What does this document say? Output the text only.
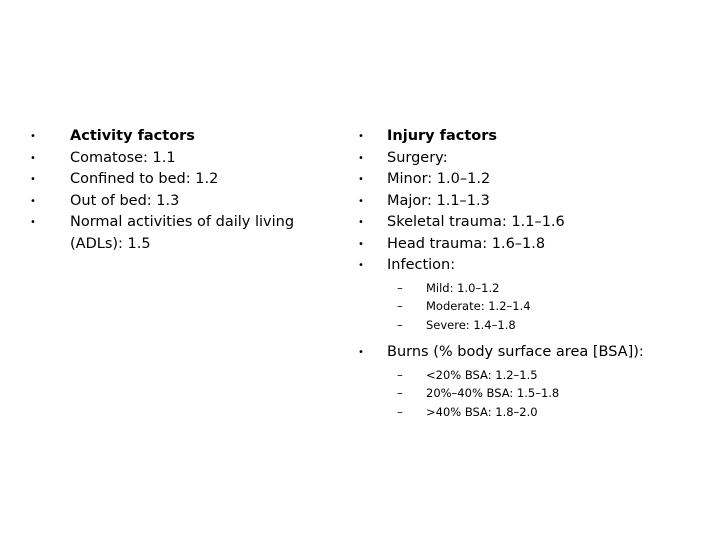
• Activity factors
• Comatose: 1.1
• Confined to bed: 1.2
• Out of bed: 1.3
• Normal activities of daily living (ADLs): 1.5
• Injury factors
• Surgery:
• Minor: 1.0–1.2
• Major: 1.1–1.3
• Skeletal trauma: 1.1–1.6
• Head trauma: 1.6–1.8
• Infection:
– Mild: 1.0–1.2
– Moderate: 1.2–1.4
– Severe: 1.4–1.8
• Burns (% body surface area [BSA]):
– <20% BSA: 1.2–1.5
– 20%–40% BSA: 1.5–1.8
– >40% BSA: 1.8–2.0
